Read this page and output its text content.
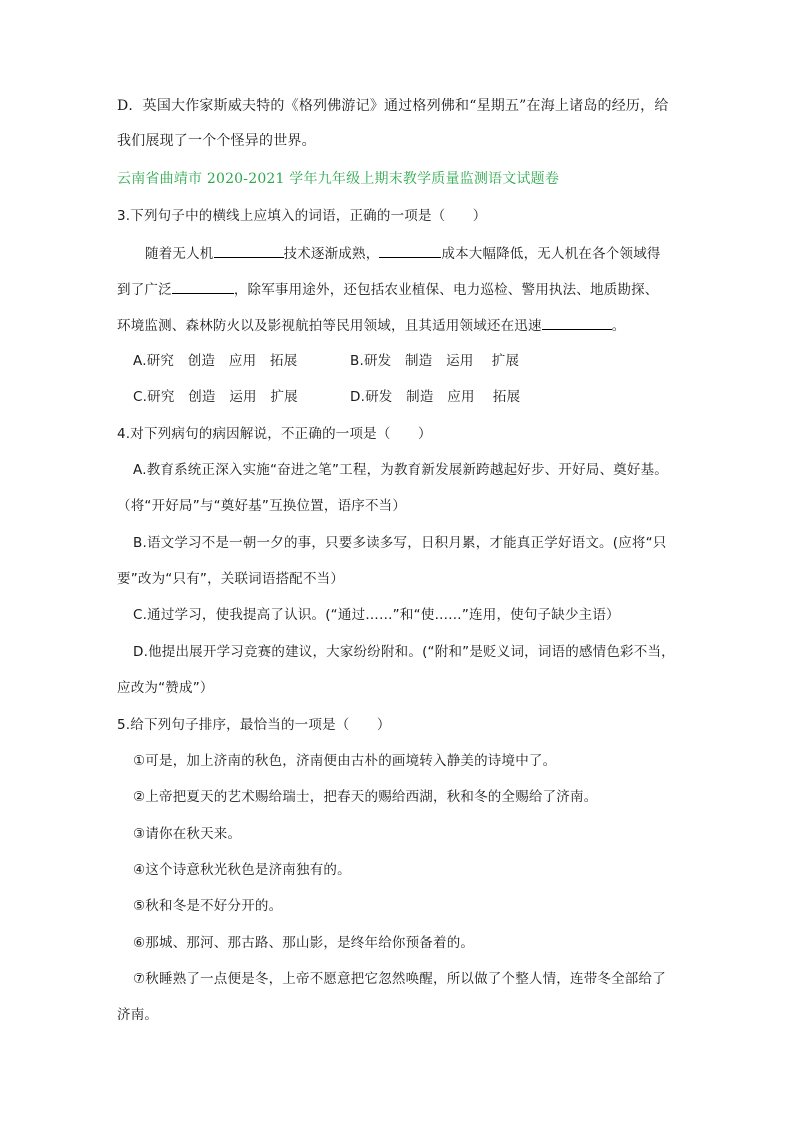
D．英国大作家斯威夫特的《格列佛游记》通过格列佛和“星期五”在海上诸岛的经历，给
我们展现了一个个怪异的世界。
云南省曲靖市 2020-2021 学年九年级上期末教学质量监测语文试题卷
3.下列句子中的横线上应填入的词语，正确的一项是（　　）
随着无人机	技术逐渐成熟，	成本大幅降低，无人机在各个领域得
到了广泛	，除军事用途外，还包括农业植保、电力巡检、警用执法、地质勘探、
环境监测、森林防火以及影视航拍等民用领域，且其适用领域还在迅速	。
A.研究　创造　应用　拓展	B.研发　制造　运用　 扩展
C.研究　创造　运用　扩展	D.研发　制造　应用　 拓展
4.对下列病句的病因解说，不正确的一项是（　　）
A.教育系统正深入实施“奋进之笔”工程，为教育新发展新跨越起好步、开好局、奠好基。
（将“开好局”与“奠好基”互换位置，语序不当）
B.语文学习不是一朝一夕的事，只要多读多写，日积月累，才能真正学好语文。(应将“只
要”改为“只有”，关联词语搭配不当）
C.通过学习，使我提高了认识。(“通过……”和“使……”连用，使句子缺少主语）
D.他提出展开学习竞赛的建议，大家纷纷附和。(“附和”是贬义词，词语的感情色彩不当，
应改为“赞成”）
5.给下列句子排序，最恰当的一项是（　　）
①可是，加上济南的秋色，济南便由古朴的画境转入静美的诗境中了。
②上帝把夏天的艺术赐给瑞士，把春天的赐给西湖，秋和冬的全赐给了济南。
③请你在秋天来。
④这个诗意秋光秋色是济南独有的。
⑤秋和冬是不好分开的。
⑥那城、那河、那古路、那山影，是终年给你预备着的。
⑦秋睡熟了一点便是冬，上帝不愿意把它忽然唤醒，所以做了个整人情，连带冬全部给了
济南。
